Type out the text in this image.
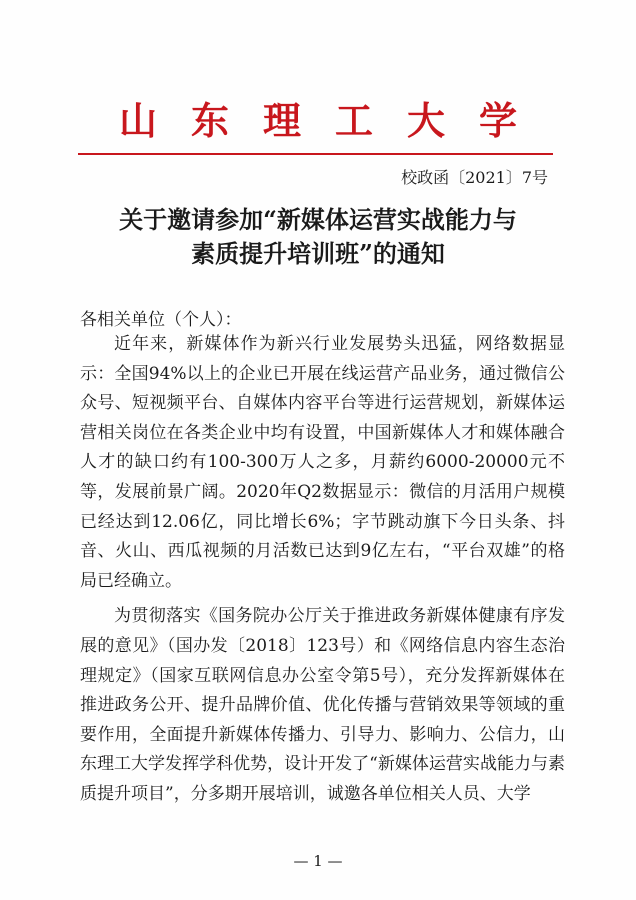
山东理工大学
校政函〔2021〕7号
关于邀请参加“新媒体运营实战能力与
素质提升培训班”的通知
各相关单位（个人）：

近年来，新媒体作为新兴行业发展势头迅猛，网络数据显示：全国94%以上的企业已开展在线运营产品业务，通过微信公众号、短视频平台、自媒体内容平台等进行运营规划，新媒体运营相关岗位在各类企业中均有设置，中国新媒体人才和媒体融合人才的缺口约有100-300万人之多，月薪约6000-20000元不等，发展前景广阔。2020年Q2数据显示：微信的月活用户规模已经达到12.06亿，同比增长6%；字节跳动旗下今日头条、抖音、火山、西瓜视频的月活数已达到9亿左右，“平台双雄”的格局已经确立。

为贯彻落实《国务院办公厅关于推进政务新媒体健康有序发展的意见》（国办发〔2018〕123号）和《网络信息内容生态治理规定》（国家互联网信息办公室令第5号），充分发挥新媒体在推进政务公开、提升品牌价值、优化传播与营销效果等领域的重要作用，全面提升新媒体传播力、引导力、影响力、公信力，山东理工大学发挥学科优势，设计开发了“新媒体运营实战能力与素质提升项目”，分多期开展培训，诚邀各单位相关人员、大学

— 1 —
